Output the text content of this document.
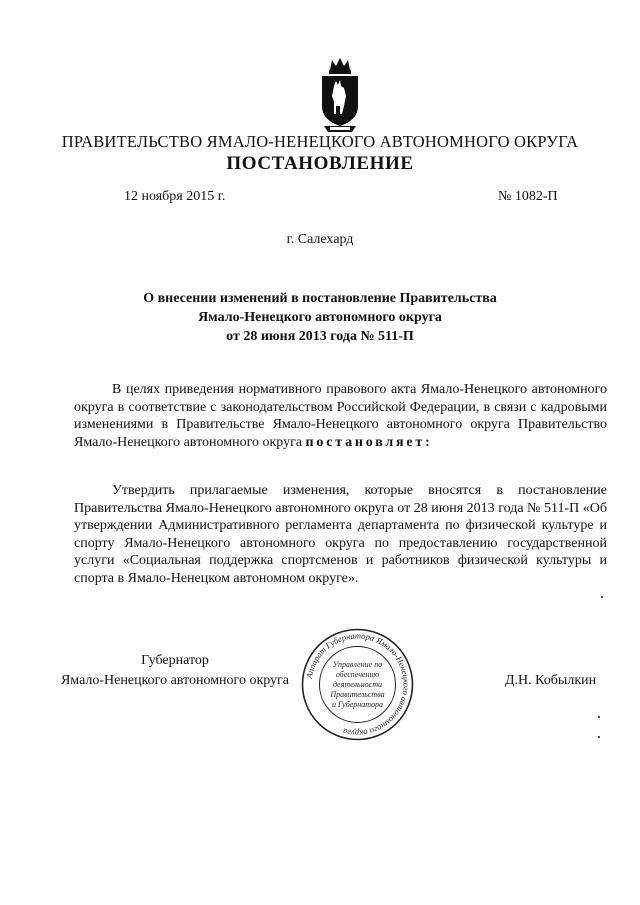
ПРАВИТЕЛЬСТВО ЯМАЛО-НЕНЕЦКОГО АВТОНОМНОГО ОКРУГА
ПОСТАНОВЛЕНИЕ
12 ноября 2015 г.	№ 1082-П
г. Салехард
О внесении изменений в постановление Правительства
Ямало-Ненецкого автономного округа
от 28 июня 2013 года № 511-П
В целях приведения нормативного правового акта Ямало-Ненецкого автономного округа в соответствие с законодательством Российской Федерации, в связи с кадровыми изменениями в Правительстве Ямало-Ненецкого автономного округа Правительство Ямало-Ненецкого автономного округа постановляет:
Утвердить прилагаемые изменения, которые вносятся в постановление Правительства Ямало-Ненецкого автономного округа от 28 июня 2013 года № 511-П «Об утверждении Административного регламента департамента по физической культуре и спорту Ямало-Ненецкого автономного округа по предоставлению государственной услуги «Социальная поддержка спортсменов и работников физической культуры и спорта в Ямало-Ненецком автономном округе».
Губернатор
Ямало-Ненецкого автономного округа Аппарат Губернатора Ямало-Ненецкого автономного округа
Управление по
обеспечению
деятельности
Правительства
и Губернатора
Д.Н. Кобылкин
